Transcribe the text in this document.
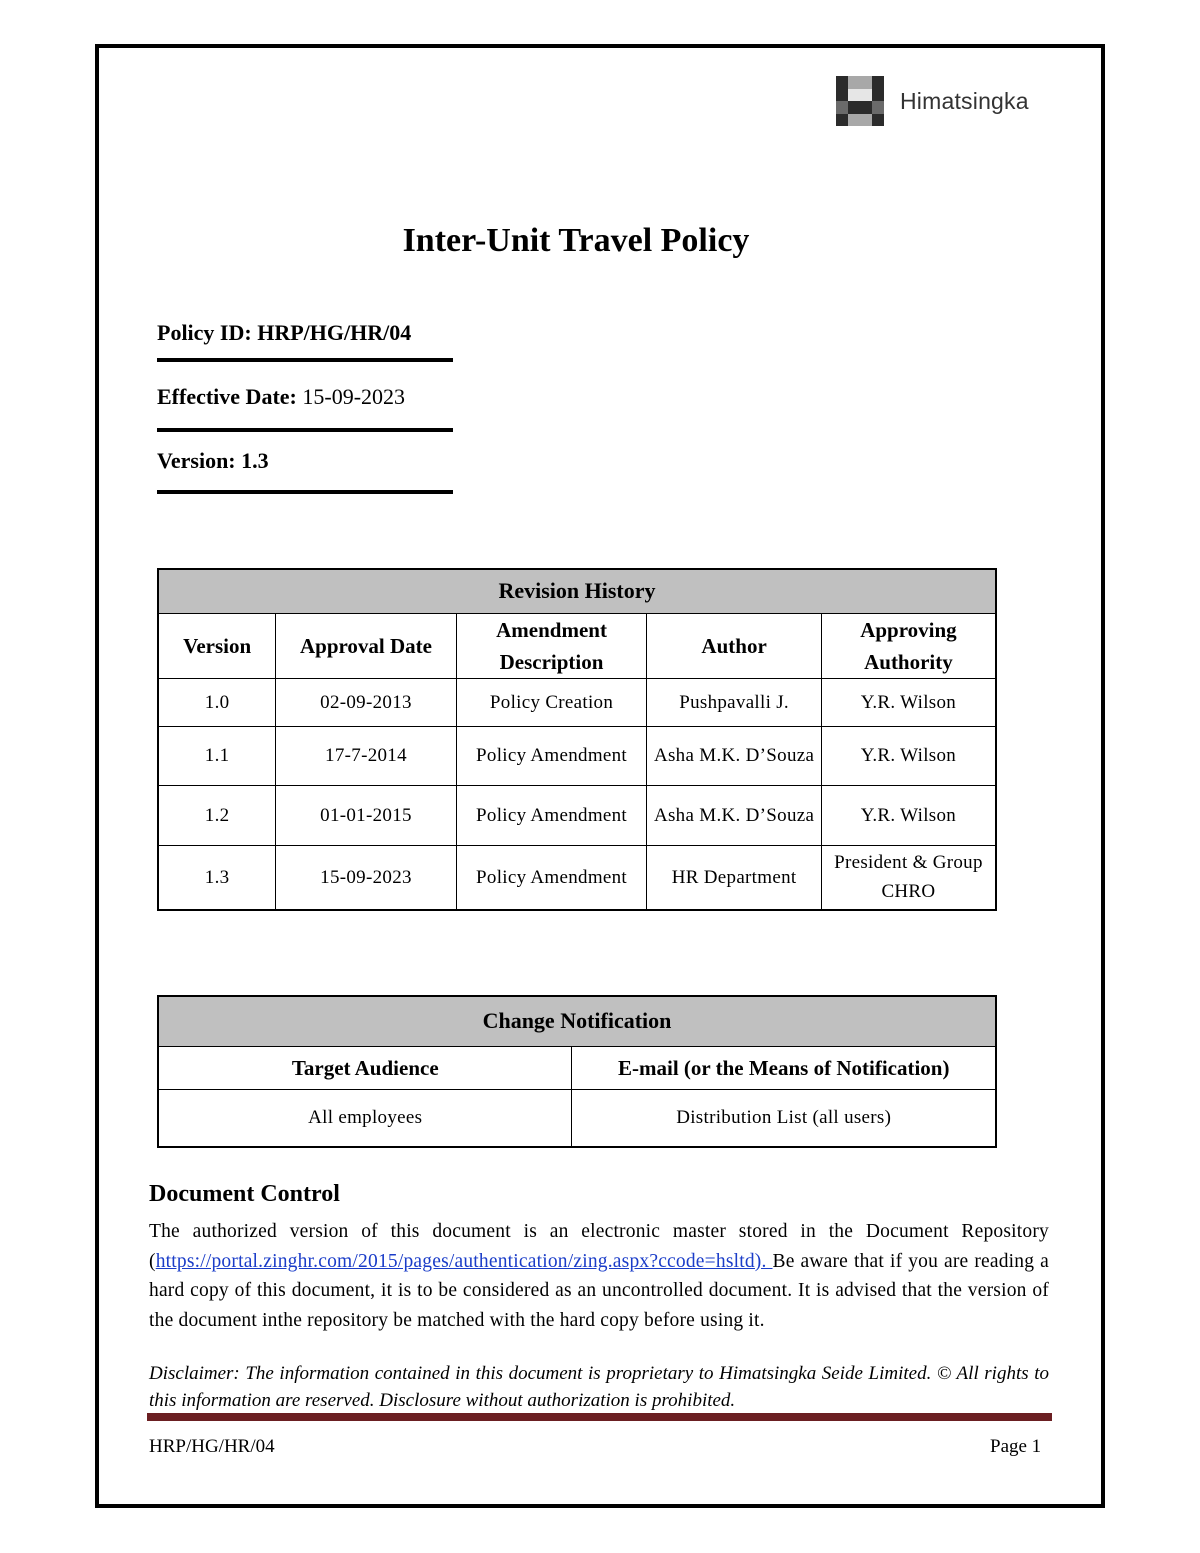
Himatsingka
Inter-Unit Travel Policy
Policy ID: HRP/HG/HR/04
Effective Date: 15-09-2023
Version: 1.3
Revision History				
Version	Approval Date	Amendment Description	Author	Approving Authority
1.0	02-09-2013	Policy Creation	Pushpavalli J.	Y.R. Wilson
1.1	17-7-2014	Policy Amendment	Asha M.K. D’Souza	Y.R. Wilson
1.2	01-01-2015	Policy Amendment	Asha M.K. D’Souza	Y.R. Wilson
1.3	15-09-2023	Policy Amendment	HR Department	President & Group CHRO
Change Notification	
Target Audience	E-mail (or the Means of Notification)
All employees	Distribution List (all users)
Document Control

The authorized version of this document is an electronic master stored in the Document Repository (https://portal.zinghr.com/2015/pages/authentication/zing.aspx?ccode=hsltd). Be aware that if you are reading a hard copy of this document, it is to be considered as an uncontrolled document. It is advised that the version of the document inthe repository be matched with the hard copy before using it.

Disclaimer: The information contained in this document is proprietary to Himatsingka Seide Limited. © All rights to this information are reserved. Disclosure without authorization is prohibited.

HRP/HG/HR/04	Page 1
